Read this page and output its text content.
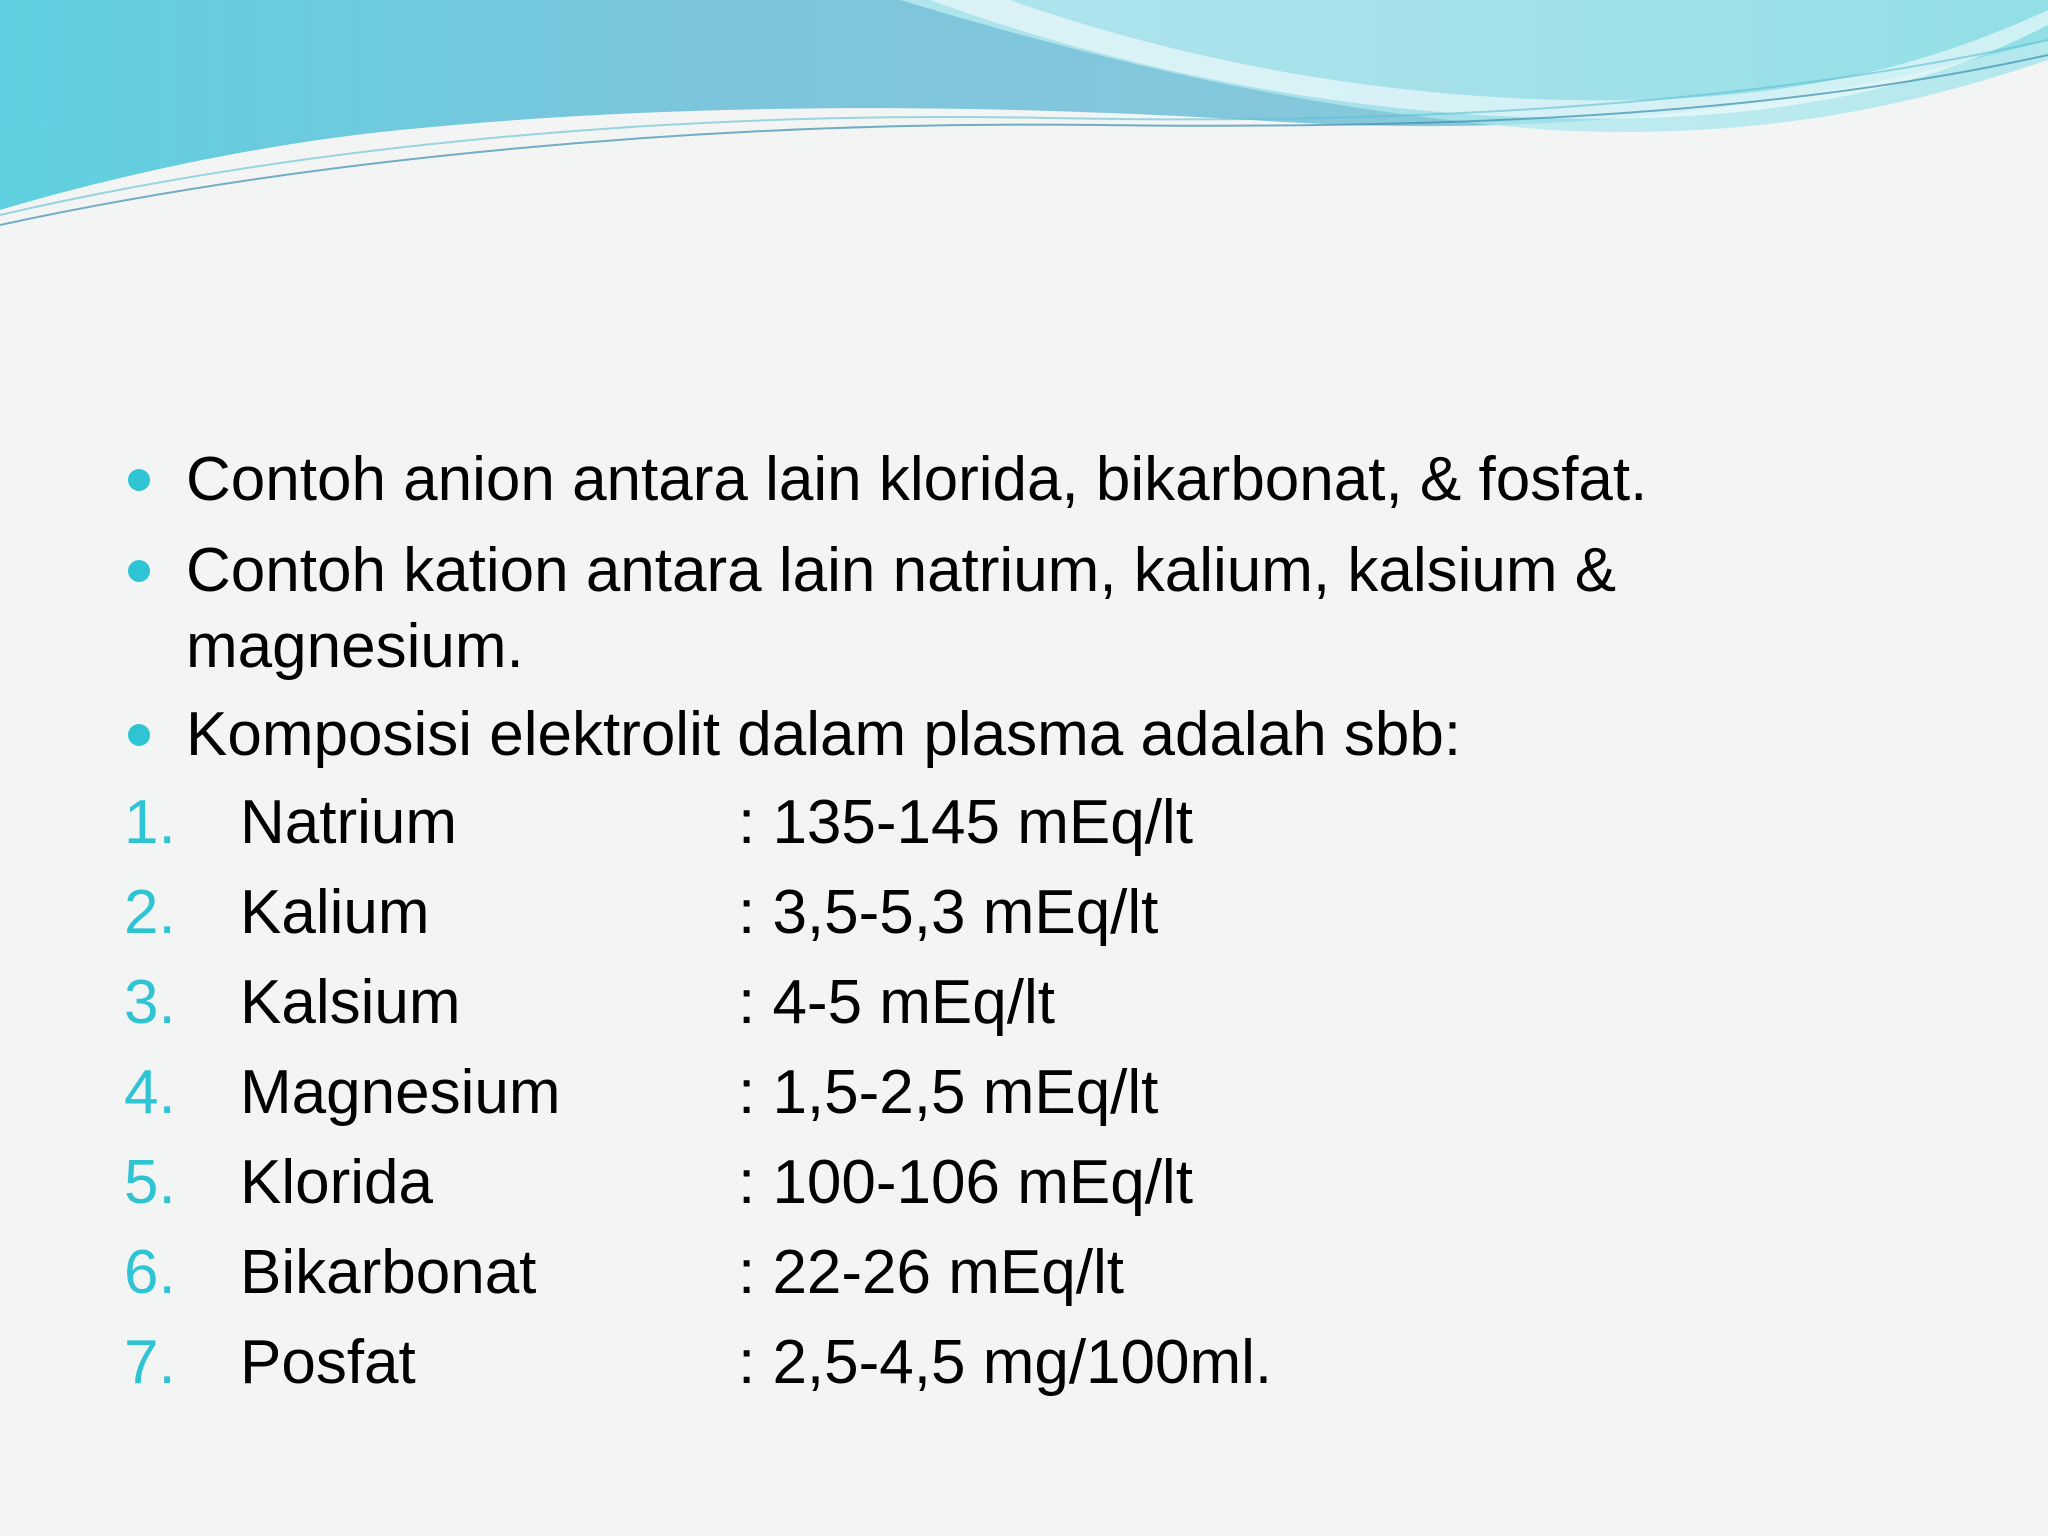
Contoh anion antara lain klorida, bikarbonat, & fosfat.
Contoh kation antara lain natrium, kalium, kalsium & magnesium.
Komposisi elektrolit dalam plasma adalah sbb:
1. Natrium	: 135-145 mEq/lt
2. Kalium	: 3,5-5,3 mEq/lt
3. Kalsium	: 4-5 mEq/lt
4. Magnesium	: 1,5-2,5 mEq/lt
5. Klorida	: 100-106 mEq/lt
6. Bikarbonat	: 22-26 mEq/lt
7. Posfat	: 2,5-4,5 mg/100ml.
